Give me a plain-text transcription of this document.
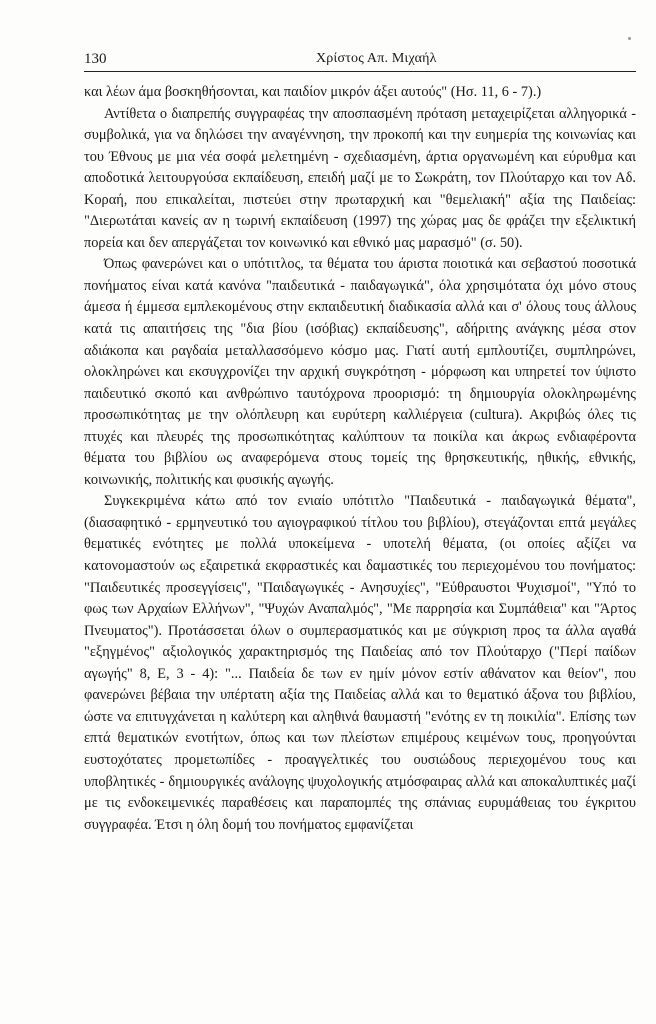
130	Χρίστος Απ. Μιχαήλ

και λέων άμα βοσκηθήσονται, και παιδίον μικρόν άξει αυτούς" (Ησ. 11, 6 - 7).)

Αντίθετα ο διαπρεπής συγγραφέας την αποσπασμένη πρόταση μεταχειρίζεται αλληγορικά - συμβολικά, για να δηλώσει την αναγέννηση, την προκοπή και την ευημερία της κοινωνίας και του Έθνους με μια νέα σοφά μελετημένη - σχεδιασμένη, άρτια οργανωμένη και εύρυθμα και αποδοτικά λειτουργούσα εκπαίδευση, επειδή μαζί με το Σωκράτη, τον Πλούταρχο και τον Αδ. Κοραή, που επικαλείται, πιστεύει στην πρωταρχική και "θεμελιακή" αξία της Παιδείας: "Διερωτάται κανείς αν η τωρινή εκπαίδευση (1997) της χώρας μας δε φράζει την εξελικτική πορεία και δεν απεργάζεται τον κοινωνικό και εθνικό μας μαρασμό" (σ. 50).

Όπως φανερώνει και ο υπότιτλος, τα θέματα του άριστα ποιοτικά και σεβαστού ποσοτικά πονήματος είναι κατά κανόνα "παιδευτικά - παιδαγωγικά", όλα χρησιμότατα όχι μόνο στους άμεσα ή έμμεσα εμπλεκομένους στην εκπαιδευτική διαδικασία αλλά και σ' όλους τους άλλους κατά τις απαιτήσεις της "δια βίου (ισόβιας) εκπαίδευσης", αδήριτης ανάγκης μέσα στον αδιάκοπα και ραγδαία μεταλλασσόμενο κόσμο μας. Γιατί αυτή εμπλουτίζει, συμπληρώνει, ολοκληρώνει και εκσυγχρονίζει την αρχική συγκρότηση - μόρφωση και υπηρετεί τον ύψιστο παιδευτικό σκοπό και ανθρώπινο ταυτόχρονα προορισμό: τη δημιουργία ολοκληρωμένης προσωπικότητας με την ολόπλευρη και ευρύτερη καλλιέργεια (cultura). Ακριβώς όλες τις πτυχές και πλευρές της προσωπικότητας καλύπτουν τα ποικίλα και άκρως ενδιαφέροντα θέματα του βιβλίου ως αναφερόμενα στους τομείς της θρησκευτικής, ηθικής, εθνικής, κοινωνικής, πολιτικής και φυσικής αγωγής.

Συγκεκριμένα κάτω από τον ενιαίο υπότιτλο "Παιδευτικά - παιδαγωγικά θέματα", (διασαφητικό - ερμηνευτικό του αγιογραφικού τίτλου του βιβλίου), στεγάζονται επτά μεγάλες θεματικές ενότητες με πολλά υποκείμενα - υποτελή θέματα, (οι οποίες αξίζει να κατονομαστούν ως εξαιρετικά εκφραστικές και δαμαστικές του περιεχομένου του πονήματος: "Παιδευτικές προσεγγίσεις", "Παιδαγωγικές - Ανησυχίες", "Εύθραυστοι Ψυχισμοί", "Υπό το φως των Αρχαίων Ελλήνων", "Ψυχών Αναπαλμός", "Με παρρησία και Συμπάθεια" και "Άρτος Πνευματος"). Προτάσσεται όλων ο συμπερασματικός και με σύγκριση προς τα άλλα αγαθά "εξηγμένος" αξιολογικός χαρακτηρισμός της Παιδείας από τον Πλούταρχο ("Περί παίδων αγωγής" 8, Ε, 3 - 4): "... Παιδεία δε των εν ημίν μόνον εστίν αθάνατον και θείον", που φανερώνει βέβαια την υπέρτατη αξία της Παιδείας αλλά και το θεματικό άξονα του βιβλίου, ώστε να επιτυγχάνεται η καλύτερη και αληθινά θαυμαστή "ενότης εν τη ποικιλία". Επίσης των επτά θεματικών ενοτήτων, όπως και των πλείστων επιμέρους κειμένων τους, προηγούνται ευστοχότατες προμετωπίδες - προαγγελτικές του ουσιώδους περιεχομένου τους και υποβλητικές - δημιουργικές ανάλογης ψυχολογικής ατμόσφαιρας αλλά και αποκαλυπτικές μαζί με τις ενδοκειμενικές παραθέσεις και παραπομπές της σπάνιας ευρυμάθειας του έγκριτου συγγραφέα. Έτσι η όλη δομή του πονήματος εμφανίζεται
